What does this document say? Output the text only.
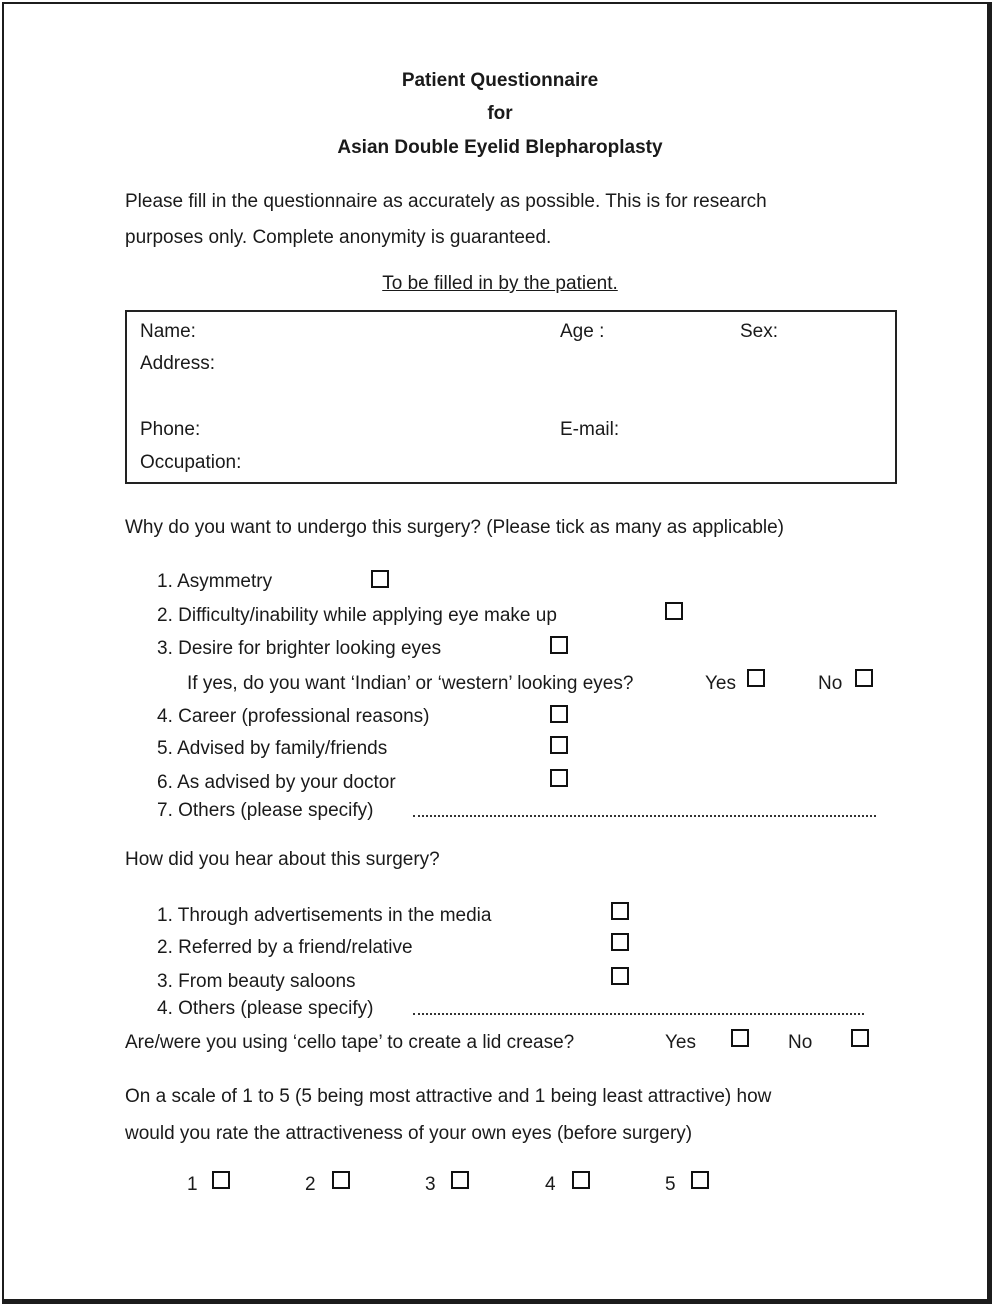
Patient Questionnaire
for
Asian Double Eyelid Blepharoplasty
Please fill in the questionnaire as accurately as possible. This is for research
purposes only. Complete anonymity is guaranteed.
To be filled in by the patient.
Name:	Age :	Sex:
Address:
Phone:	E-mail:
Occupation:
Why do you want to undergo this surgery? (Please tick as many as applicable)
1. Asymmetry
2. Difficulty/inability while applying eye make up
3. Desire for brighter looking eyes
If yes, do you want ‘Indian’ or ‘western’ looking eyes?	Yes	No
4. Career (professional reasons)
5. Advised by family/friends
6. As advised by your doctor
7. Others (please specify)
How did you hear about this surgery?
1. Through advertisements in the media
2. Referred by a friend/relative
3. From beauty saloons
4. Others (please specify)
Are/were you using ‘cello tape’ to create a lid crease?	Yes	No
On a scale of 1 to 5 (5 being most attractive and 1 being least attractive) how
would you rate the attractiveness of your own eyes (before surgery)
1	2	3	4	5
